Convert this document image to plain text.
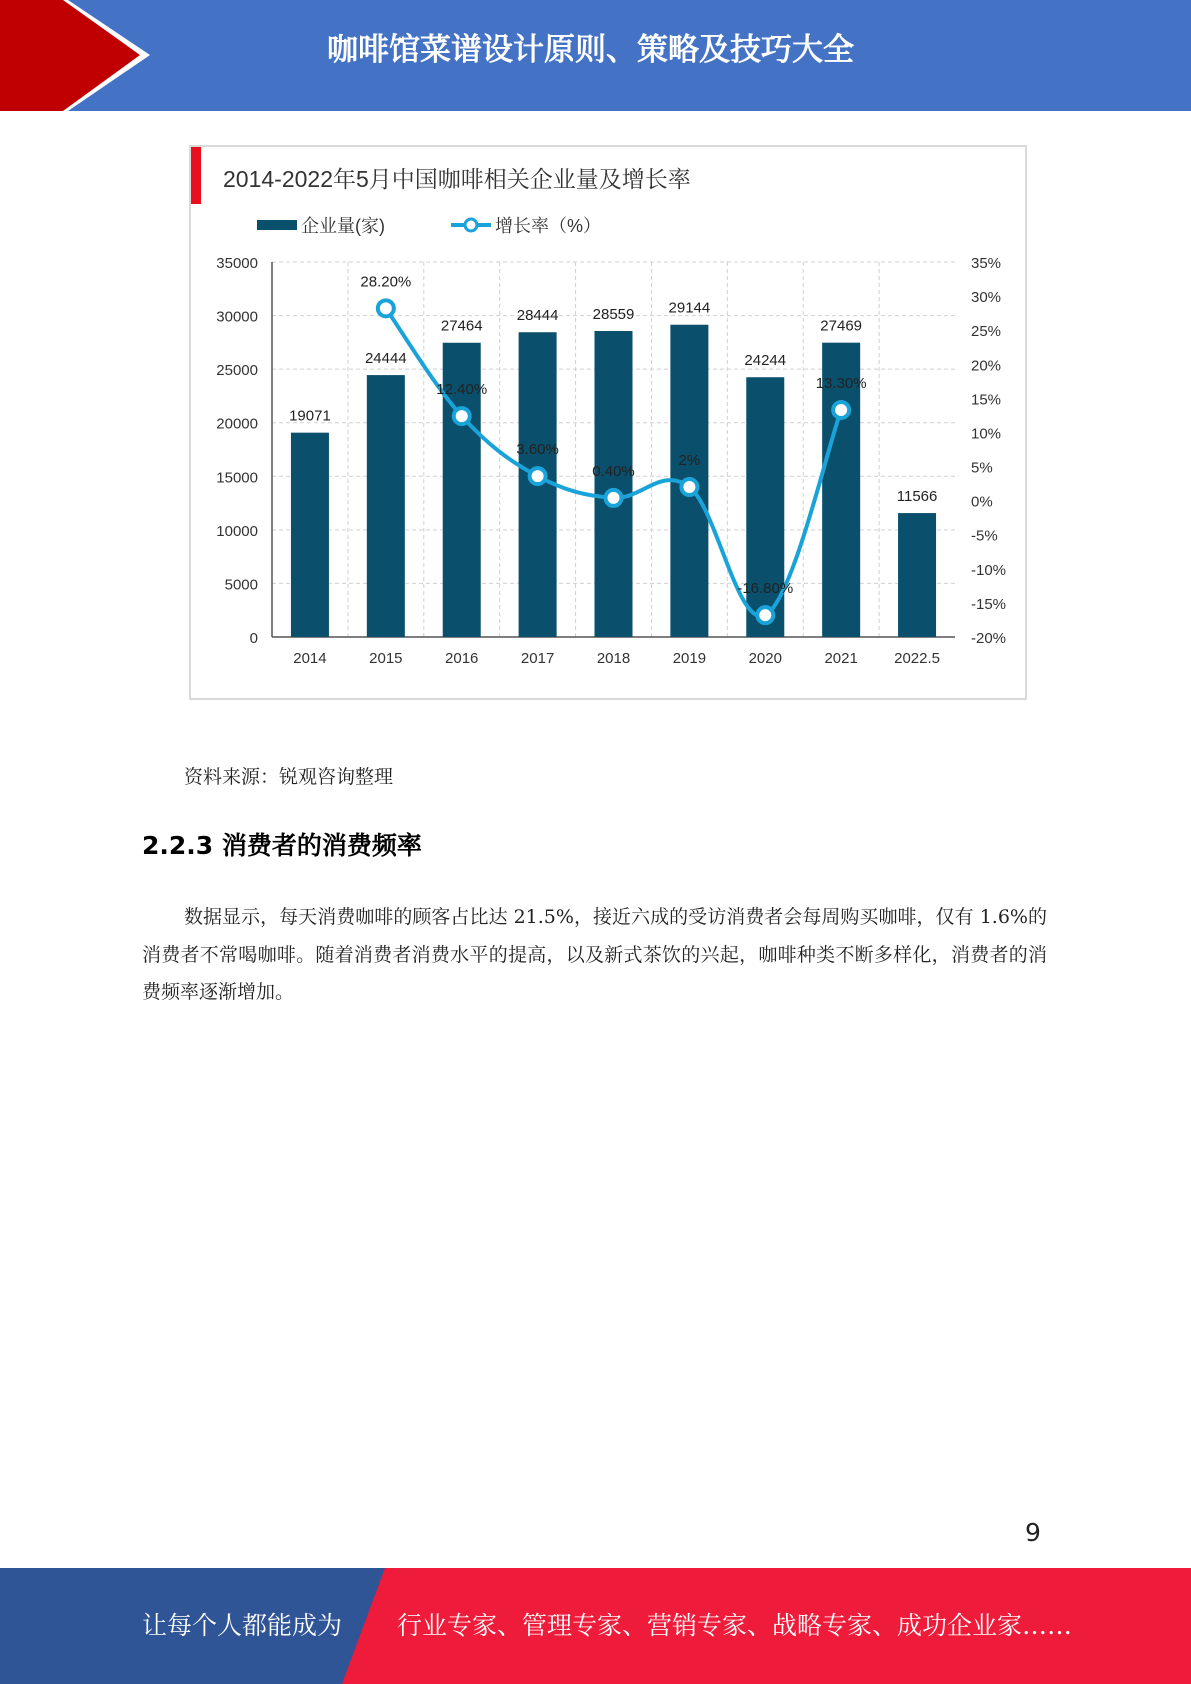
咖啡馆菜谱设计原则、策略及技巧大全
2014-2022年5月中国咖啡相关企业量及增长率
企业量(家)	增长率（%）
0
5000
10000
15000
20000
25000
30000
35000
-20%
-15%
-10%
-5%
0%
5%
10%
15%
20%
25%
30%
35%
19071
24444
27464
28444 28559 29144
24244
27469
11566
2014	2015	2016	2017	2018	2019	2020	2021 2022.5
28.20%
12.40%
3.60%
0.40%
2%
-16.80%
13.30%
资料来源：锐观咨询整理
2.2.3 消费者的消费频率
数据显示，每天消费咖啡的顾客占比达 21.5%，接近六成的受访消费者会每周购买咖啡，仅有 1.6%的消费者不常喝咖啡。随着消费者消费水平的提高，以及新式茶饮的兴起，咖啡种类不断多样化，消费者的消费频率逐渐增加。
9
让每个人都能成为 行业专家、管理专家、营销专家、战略专家、成功企业家……
